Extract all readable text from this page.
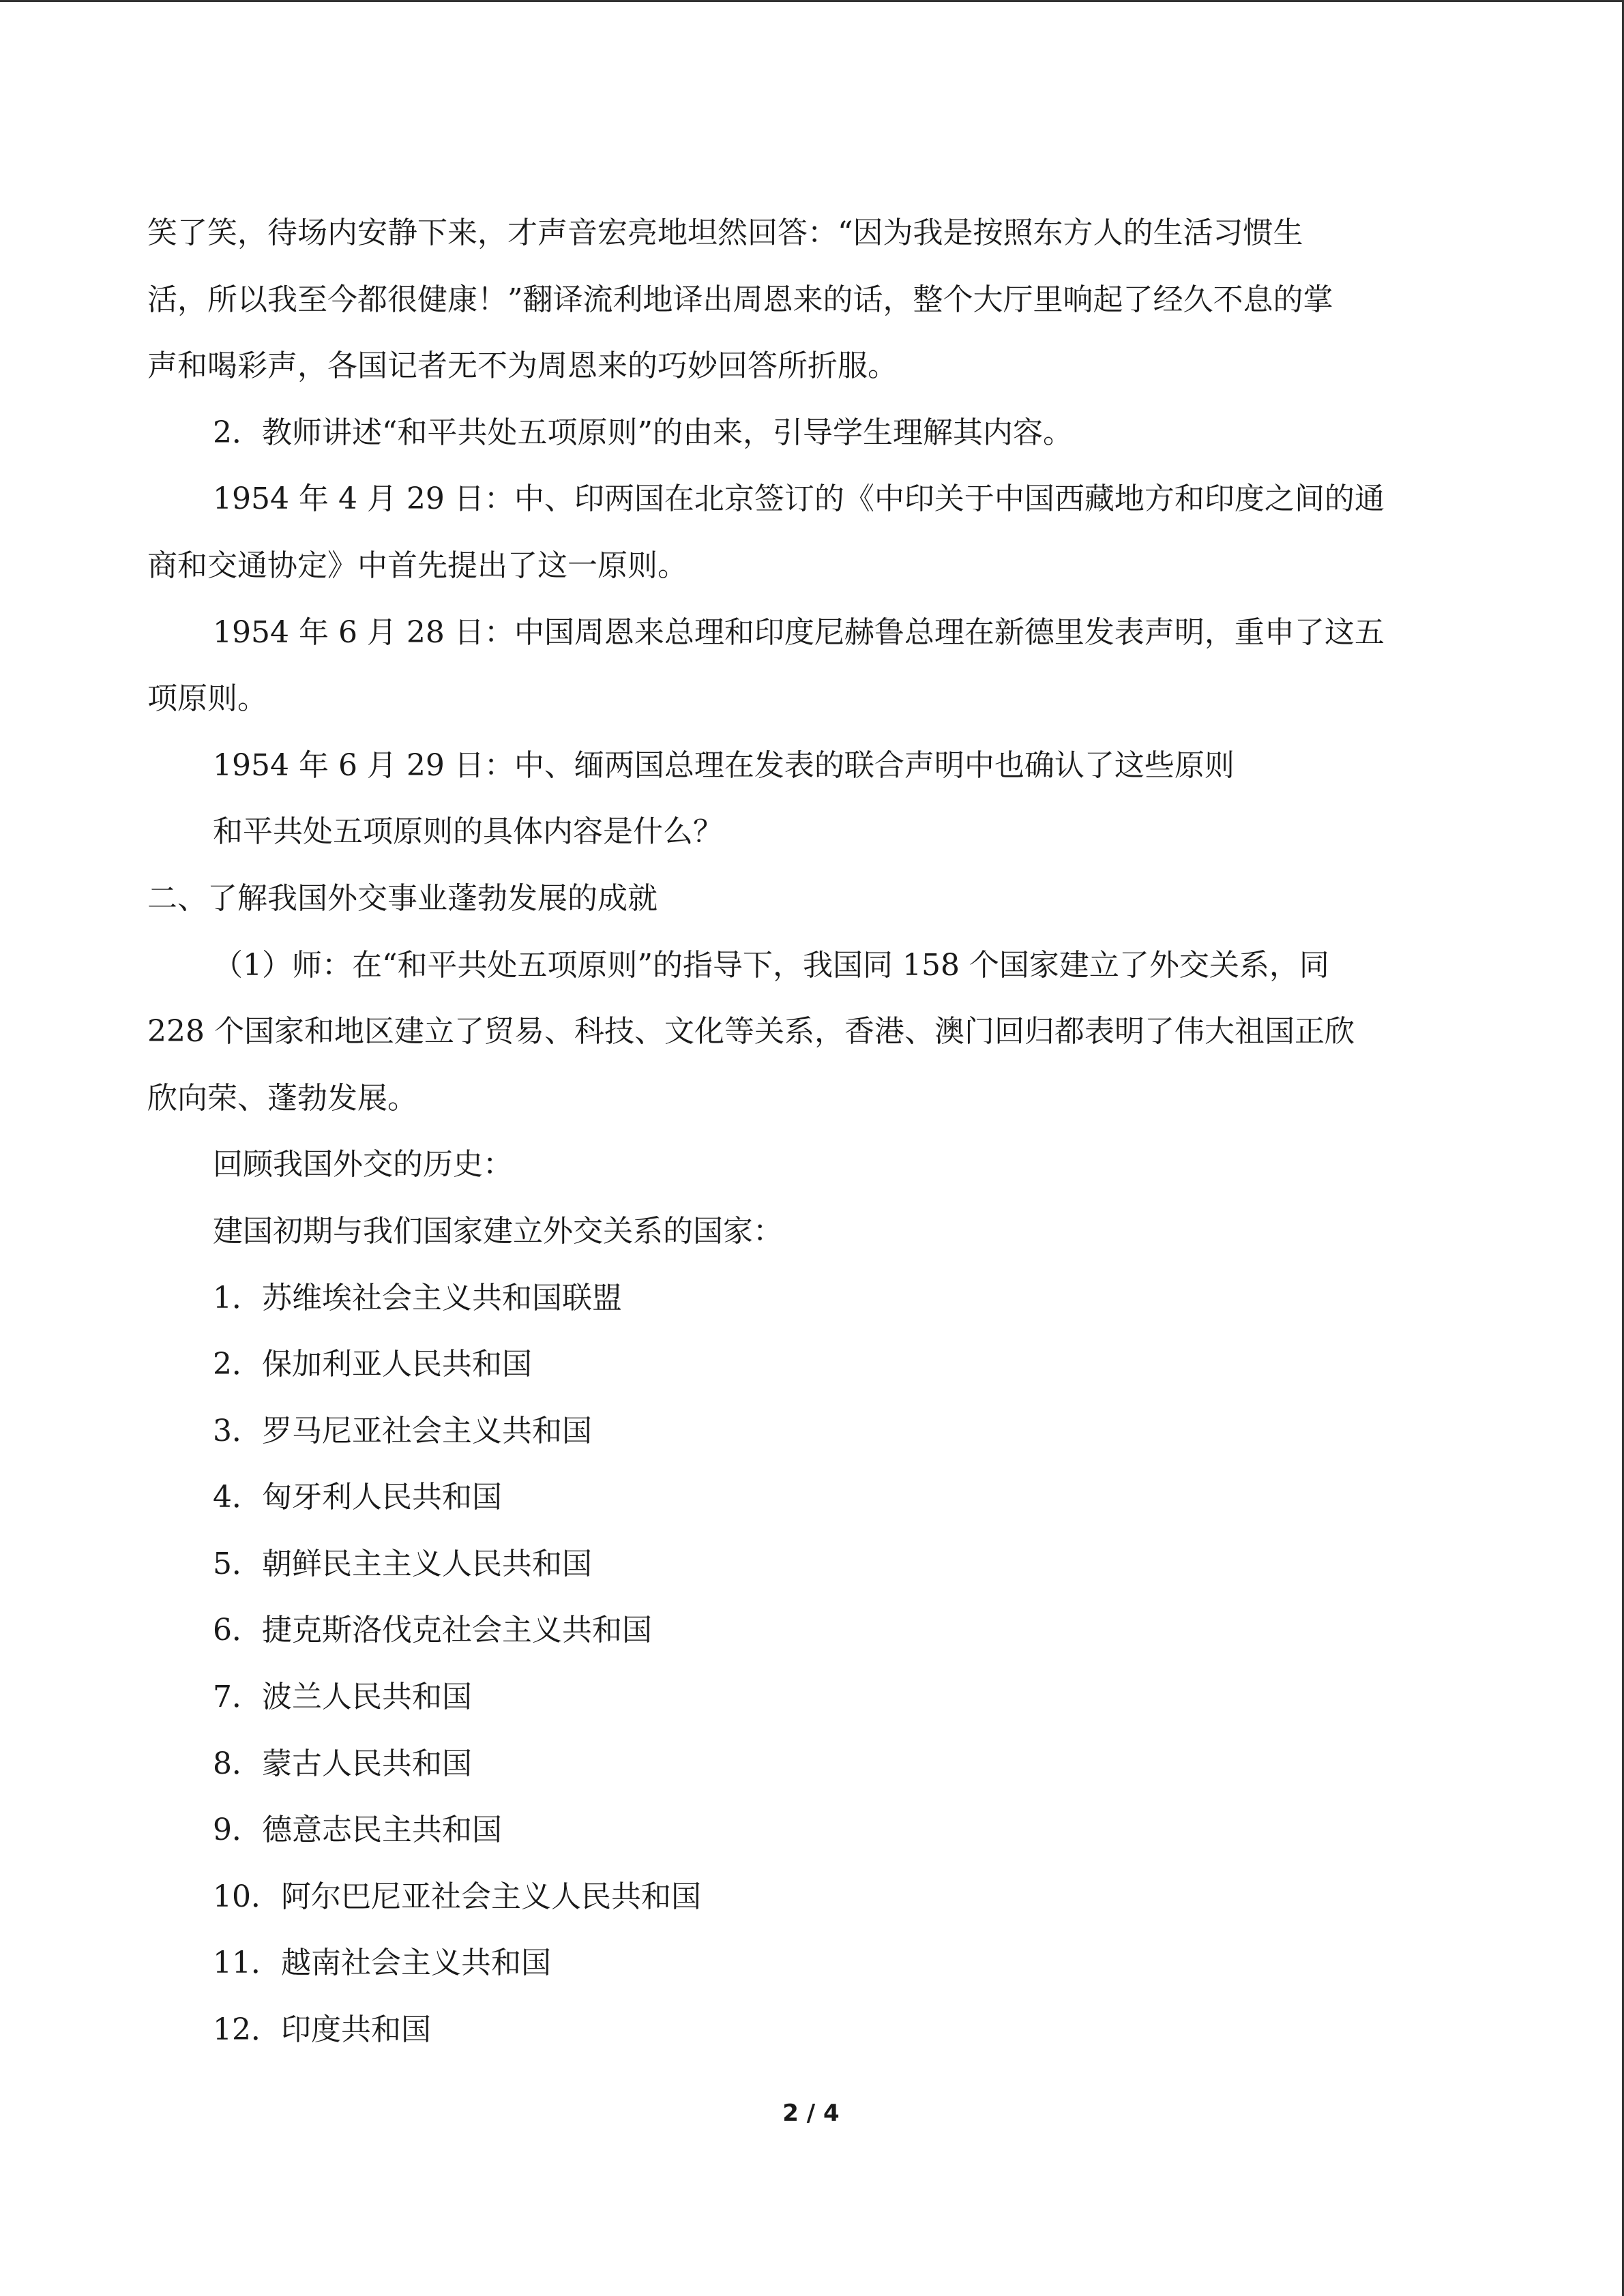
笑了笑，待场内安静下来，才声音宏亮地坦然回答：“因为我是按照东方人的生活习惯生
活，所以我至今都很健康！”翻译流利地译出周恩来的话，整个大厅里响起了经久不息的掌
声和喝彩声，各国记者无不为周恩来的巧妙回答所折服。
2．教师讲述“和平共处五项原则”的由来，引导学生理解其内容。
1954 年 4 月 29 日：中、印两国在北京签订的《中印关于中国西藏地方和印度之间的通
商和交通协定》中首先提出了这一原则。
1954 年 6 月 28 日：中国周恩来总理和印度尼赫鲁总理在新德里发表声明，重申了这五
项原则。
1954 年 6 月 29 日：中、缅两国总理在发表的联合声明中也确认了这些原则
和平共处五项原则的具体内容是什么？
二、了解我国外交事业蓬勃发展的成就
（1）师：在“和平共处五项原则”的指导下，我国同 158 个国家建立了外交关系，同
228 个国家和地区建立了贸易、科技、文化等关系，香港、澳门回归都表明了伟大祖国正欣
欣向荣、蓬勃发展。
回顾我国外交的历史：
建国初期与我们国家建立外交关系的国家：
1．苏维埃社会主义共和国联盟
2．保加利亚人民共和国
3．罗马尼亚社会主义共和国
4．匈牙利人民共和国
5．朝鲜民主主义人民共和国
6．捷克斯洛伐克社会主义共和国
7．波兰人民共和国
8．蒙古人民共和国
9．德意志民主共和国
10．阿尔巴尼亚社会主义人民共和国
11．越南社会主义共和国
12．印度共和国
2 / 4
